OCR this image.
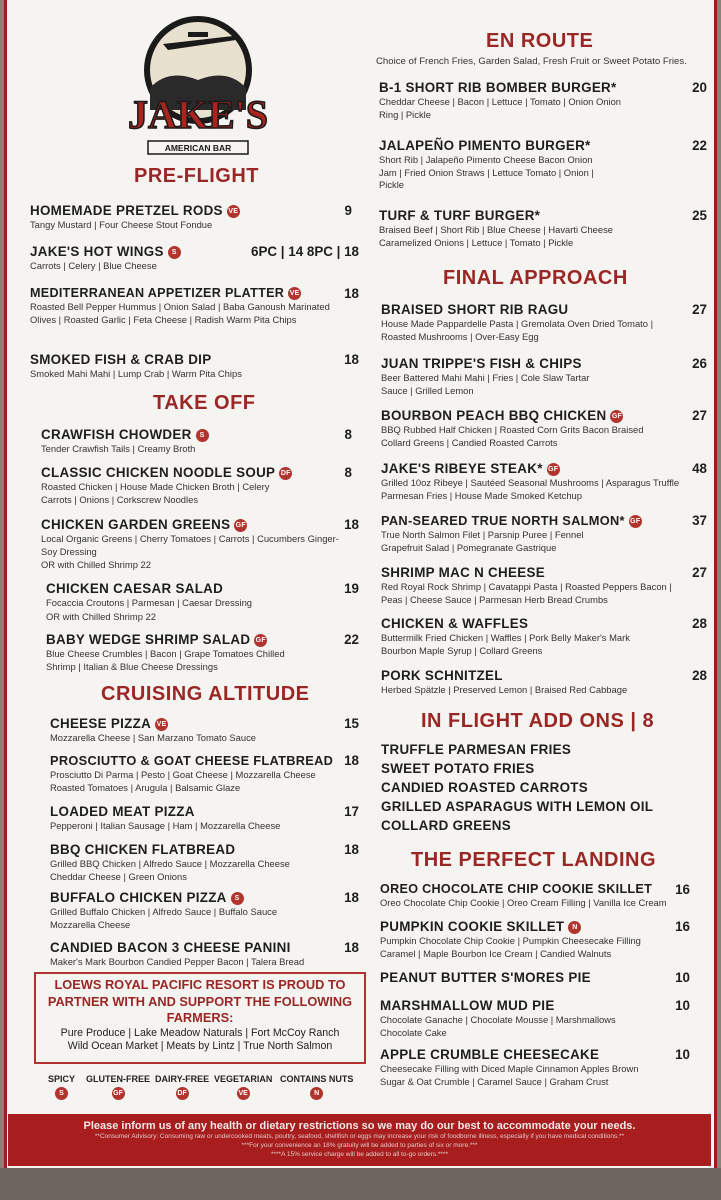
JAKE'S
AMERICAN BAR
PRE-FLIGHT
HOMEMADE PRETZEL RODS VE	9
Tangy Mustard | Four Cheese Stout Fondue
JAKE'S HOT WINGS S	6PC | 14 8PC | 18
Carrots | Celery | Blue Cheese
MEDITERRANEAN APPETIZER PLATTER VE	18
Roasted Bell Pepper Hummus | Onion Salad | Baba Ganoush Marinated Olives | Roasted Garlic | Feta Cheese | Radish Warm Pita Chips
SMOKED FISH & CRAB DIP	18
Smoked Mahi Mahi | Lump Crab | Warm Pita Chips
TAKE OFF
CRAWFISH CHOWDER S	8
Tender Crawfish Tails | Creamy Broth
CLASSIC CHICKEN NOODLE SOUP DF	8
Roasted Chicken | House Made Chicken Broth | Celery Carrots | Onions | Corkscrew Noodles
CHICKEN GARDEN GREENS GF	18
Local Organic Greens | Cherry Tomatoes | Carrots | Cucumbers Ginger-Soy Dressing
OR with Chilled Shrimp 22
CHICKEN CAESAR SALAD	19
Focaccia Croutons | Parmesan | Caesar Dressing
OR with Chilled Shrimp 22
BABY WEDGE SHRIMP SALAD GF	22
Blue Cheese Crumbles | Bacon | Grape Tomatoes Chilled Shrimp | Italian & Blue Cheese Dressings
CRUISING ALTITUDE
CHEESE PIZZA VE	15
Mozzarella Cheese | San Marzano Tomato Sauce
PROSCIUTTO & GOAT CHEESE FLATBREAD 18
Prosciutto Di Parma | Pesto | Goat Cheese | Mozzarella Cheese Roasted Tomatoes | Arugula | Balsamic Glaze
LOADED MEAT PIZZA	17
Pepperoni | Italian Sausage | Ham | Mozzarella Cheese
BBQ CHICKEN FLATBREAD	18
Grilled BBQ Chicken | Alfredo Sauce | Mozzarella Cheese Cheddar Cheese | Green Onions
BUFFALO CHICKEN PIZZA S	18
Grilled Buffalo Chicken | Alfredo Sauce | Buffalo Sauce Mozzarella Cheese
CANDIED BACON 3 CHEESE PANINI	18
Maker's Mark Bourbon Candied Pepper Bacon | Talera Bread
LOEWS ROYAL PACIFIC RESORT IS PROUD TO PARTNER WITH AND SUPPORT THE FOLLOWING FARMERS:
Pure Produce | Lake Meadow Naturals | Fort McCoy Ranch
Wild Ocean Market | Meats by Lintz | True North Salmon
SPICY
S
GLUTEN-FREE
GF
DAIRY-FREE
DF
VEGETARIAN
VE
CONTAINS NUTS
N
EN ROUTE
Choice of French Fries, Garden Salad, Fresh Fruit or Sweet Potato Fries.
B-1 SHORT RIB BOMBER BURGER*	20
Cheddar Cheese | Bacon | Lettuce | Tomato | Onion Onion Ring | Pickle
JALAPEÑO PIMENTO BURGER*	22
Short Rib | Jalapeño Pimento Cheese Bacon Onion Jam | Fried Onion Straws | Lettuce Tomato | Onion | Pickle
TURF & TURF BURGER*	25
Braised Beef | Short Rib | Blue Cheese | Havarti Cheese Caramelized Onions | Lettuce | Tomato | Pickle
FINAL APPROACH
BRAISED SHORT RIB RAGU	27
House Made Pappardelle Pasta | Gremolata Oven Dried Tomato | Roasted Mushrooms | Over-Easy Egg
JUAN TRIPPE'S FISH & CHIPS	26
Beer Battered Mahi Mahi | Fries | Cole Slaw Tartar Sauce | Grilled Lemon
BOURBON PEACH BBQ CHICKEN GF	27
BBQ Rubbed Half Chicken | Roasted Corn Grits Bacon Braised Collard Greens | Candied Roasted Carrots
JAKE'S RIBEYE STEAK* GF	48
Grilled 10oz Ribeye | Sautéed Seasonal Mushrooms | Asparagus Truffle Parmesan Fries | House Made Smoked Ketchup
PAN-SEARED TRUE NORTH SALMON* GF	37
True North Salmon Filet | Parsnip Puree | Fennel Grapefruit Salad | Pomegranate Gastrique
SHRIMP MAC N CHEESE	27
Red Royal Rock Shrimp | Cavatappi Pasta | Roasted Peppers Bacon | Peas | Cheese Sauce | Parmesan Herb Bread Crumbs
CHICKEN & WAFFLES	28
Buttermilk Fried Chicken | Waffles | Pork Belly Maker's Mark Bourbon Maple Syrup | Collard Greens
PORK SCHNITZEL	28
Herbed Spätzle | Preserved Lemon | Braised Red Cabbage
IN FLIGHT ADD ONS | 8
TRUFFLE PARMESAN FRIES
SWEET POTATO FRIES
CANDIED ROASTED CARROTS
GRILLED ASPARAGUS WITH LEMON OIL
COLLARD GREENS
THE PERFECT LANDING
OREO CHOCOLATE CHIP COOKIE SKILLET	16
Oreo Chocolate Chip Cookie | Oreo Cream Filling | Vanilla Ice Cream
PUMPKIN COOKIE SKILLET N	16
Pumpkin Chocolate Chip Cookie | Pumpkin Cheesecake Filling Caramel | Maple Bourbon Ice Cream | Candied Walnuts
PEANUT BUTTER S'MORES PIE	10
MARSHMALLOW MUD PIE	10
Chocolate Ganache | Chocolate Mousse | Marshmallows Chocolate Cake
APPLE CRUMBLE CHEESECAKE	10
Cheesecake Filling with Diced Maple Cinnamon Apples Brown Sugar & Oat Crumble | Caramel Sauce | Graham Crust
Please inform us of any health or dietary restrictions so we may do our best to accommodate your needs.
**Consumer Advisory: Consuming raw or undercooked meats, poultry, seafood, shellfish or eggs may increase your risk of foodborne illness, especially if you have medical conditions.**
***For your convenience an 18% gratuity will be added to parties of six or more.***
****A 15% service charge will be added to all to-go orders.****
